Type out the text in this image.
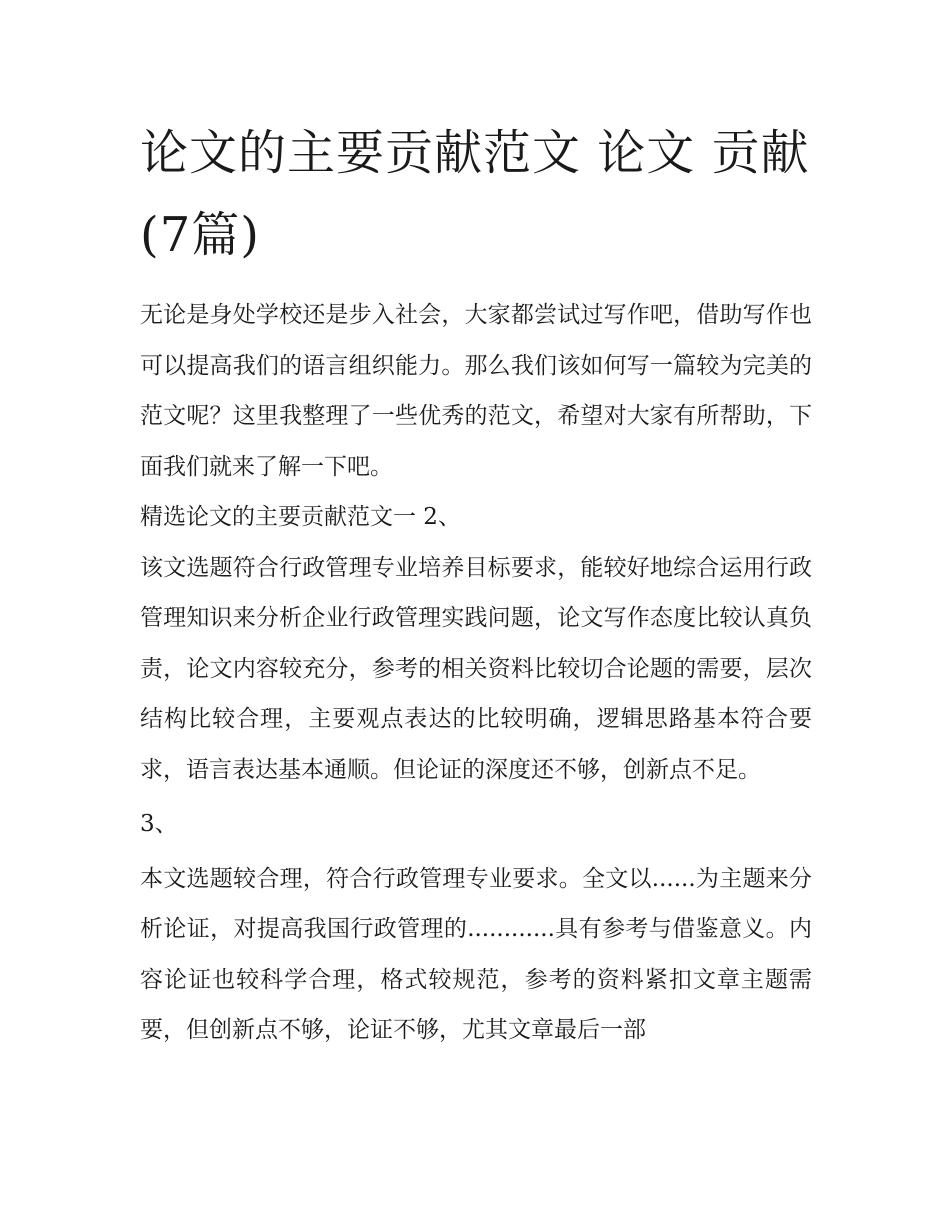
论文的主要贡献范文 论文 贡献(7篇)

无论是身处学校还是步入社会，大家都尝试过写作吧，借助写作也可以提高我们的语言组织能力。那么我们该如何写一篇较为完美的范文呢？这里我整理了一些优秀的范文，希望对大家有所帮助，下面我们就来了解一下吧。

精选论文的主要贡献范文一 2、

该文选题符合行政管理专业培养目标要求，能较好地综合运用行政管理知识来分析企业行政管理实践问题，论文写作态度比较认真负责，论文内容较充分，参考的相关资料比较切合论题的需要，层次结构比较合理，主要观点表达的比较明确，逻辑思路基本符合要求，语言表达基本通顺。但论证的深度还不够，创新点不足。

3、

本文选题较合理，符合行政管理专业要求。全文以......为主题来分析论证，对提高我国行政管理的............具有参考与借鉴意义。内容论证也较科学合理，格式较规范，参考的资料紧扣文章主题需要，但创新点不够，论证不够，尤其文章最后一部
